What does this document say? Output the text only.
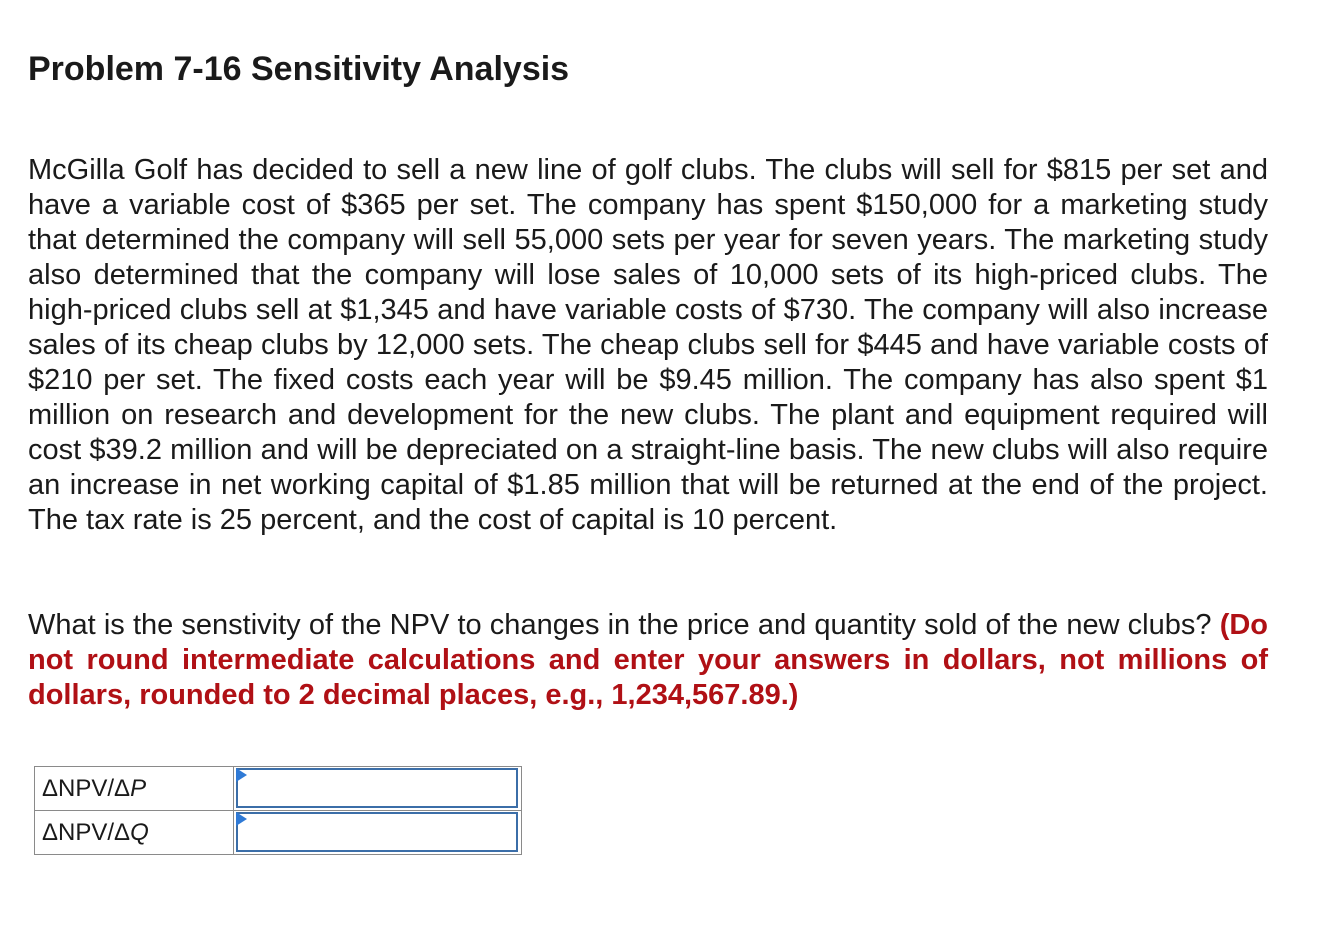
Problem 7-16 Sensitivity Analysis

McGilla Golf has decided to sell a new line of golf clubs. The clubs will sell for $815 per set and have a variable cost of $365 per set. The company has spent $150,000 for a marketing study that determined the company will sell 55,000 sets per year for seven years. The marketing study also determined that the company will lose sales of 10,000 sets of its high-priced clubs. The high-priced clubs sell at $1,345 and have variable costs of $730. The company will also increase sales of its cheap clubs by 12,000 sets. The cheap clubs sell for $445 and have variable costs of $210 per set. The fixed costs each year will be $9.45 million. The company has also spent $1 million on research and development for the new clubs. The plant and equipment required will cost $39.2 million and will be depreciated on a straight-line basis. The new clubs will also require an increase in net working capital of $1.85 million that will be returned at the end of the project. The tax rate is 25 percent, and the cost of capital is 10 percent.

What is the senstivity of the NPV to changes in the price and quantity sold of the new clubs? (Do not round intermediate calculations and enter your answers in dollars, not millions of dollars, rounded to 2 decimal places, e.g., 1,234,567.89.)

ΔNPV/ΔP	

ΔNPV/ΔQ	
